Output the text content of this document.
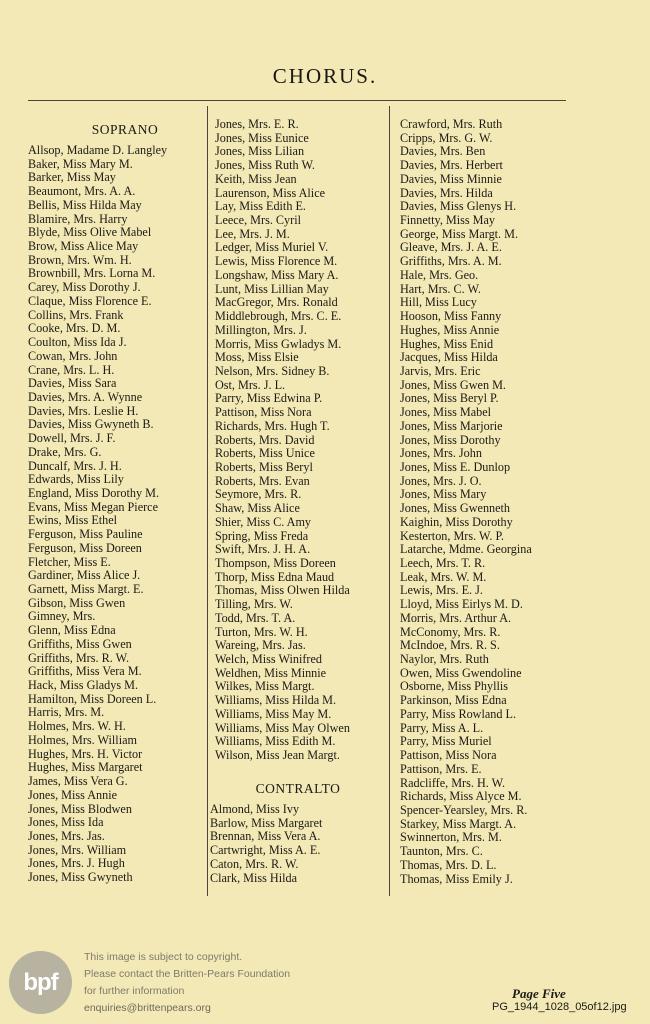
CHORUS.
SOPRANO
Allsop, Madame D. Langley
Baker, Miss Mary M.
Barker, Miss May
Beaumont, Mrs. A. A.
Bellis, Miss Hilda May
Blamire, Mrs. Harry
Blyde, Miss Olive Mabel
Brow, Miss Alice May
Brown, Mrs. Wm. H.
Brownbill, Mrs. Lorna M.
Carey, Miss Dorothy J.
Claque, Miss Florence E.
Collins, Mrs. Frank
Cooke, Mrs. D. M.
Coulton, Miss Ida J.
Cowan, Mrs. John
Crane, Mrs. L. H.
Davies, Miss Sara
Davies, Mrs. A. Wynne
Davies, Mrs. Leslie H.
Davies, Miss Gwyneth B.
Dowell, Mrs. J. F.
Drake, Mrs. G.
Duncalf, Mrs. J. H.
Edwards, Miss Lily
England, Miss Dorothy M.
Evans, Miss Megan Pierce
Ewins, Miss Ethel
Ferguson, Miss Pauline
Ferguson, Miss Doreen
Fletcher, Miss E.
Gardiner, Miss Alice J.
Garnett, Miss Margt. E.
Gibson, Miss Gwen
Gimney, Mrs.
Glenn, Miss Edna
Griffiths, Miss Gwen
Griffiths, Mrs. R. W.
Griffiths, Miss Vera M.
Hack, Miss Gladys M.
Hamilton, Miss Doreen L.
Harris, Mrs. M.
Holmes, Mrs. W. H.
Holmes, Mrs. William
Hughes, Mrs. H. Victor
Hughes, Miss Margaret
James, Miss Vera G.
Jones, Miss Annie
Jones, Miss Blodwen
Jones, Miss Ida
Jones, Mrs. Jas.
Jones, Mrs. William
Jones, Mrs. J. Hugh
Jones, Miss Gwyneth
Jones, Mrs. E. R.
Jones, Miss Eunice
Jones, Miss Lilian
Jones, Miss Ruth W.
Keith, Miss Jean
Laurenson, Miss Alice
Lay, Miss Edith E.
Leece, Mrs. Cyril
Lee, Mrs. J. M.
Ledger, Miss Muriel V.
Lewis, Miss Florence M.
Longshaw, Miss Mary A.
Lunt, Miss Lillian May
MacGregor, Mrs. Ronald
Middlebrough, Mrs. C. E.
Millington, Mrs. J.
Morris, Miss Gwladys M.
Moss, Miss Elsie
Nelson, Mrs. Sidney B.
Ost, Mrs. J. L.
Parry, Miss Edwina P.
Pattison, Miss Nora
Richards, Mrs. Hugh T.
Roberts, Mrs. David
Roberts, Miss Unice
Roberts, Miss Beryl
Roberts, Mrs. Evan
Seymore, Mrs. R.
Shaw, Miss Alice
Shier, Miss C. Amy
Spring, Miss Freda
Swift, Mrs. J. H. A.
Thompson, Miss Doreen
Thorp, Miss Edna Maud
Thomas, Miss Olwen Hilda
Tilling, Mrs. W.
Todd, Mrs. T. A.
Turton, Mrs. W. H.
Wareing, Mrs. Jas.
Welch, Miss Winifred
Weldhen, Miss Minnie
Wilkes, Miss Margt.
Williams, Miss Hilda M.
Williams, Miss May M.
Williams, Miss May Olwen
Williams, Miss Edith M.
Wilson, Miss Jean Margt.
CONTRALTO
Almond, Miss Ivy
Barlow, Miss Margaret
Brennan, Miss Vera A.
Cartwright, Miss A. E.
Caton, Mrs. R. W.
Clark, Miss Hilda
Crawford, Mrs. Ruth
Cripps, Mrs. G. W.
Davies, Mrs. Ben
Davies, Mrs. Herbert
Davies, Miss Minnie
Davies, Mrs. Hilda
Davies, Miss Glenys H.
Finnetty, Miss May
George, Miss Margt. M.
Gleave, Mrs. J. A. E.
Griffiths, Mrs. A. M.
Hale, Mrs. Geo.
Hart, Mrs. C. W.
Hill, Miss Lucy
Hooson, Miss Fanny
Hughes, Miss Annie
Hughes, Miss Enid
Jacques, Miss Hilda
Jarvis, Mrs. Eric
Jones, Miss Gwen M.
Jones, Miss Beryl P.
Jones, Miss Mabel
Jones, Miss Marjorie
Jones, Miss Dorothy
Jones, Mrs. John
Jones, Miss E. Dunlop
Jones, Mrs. J. O.
Jones, Miss Mary
Jones, Miss Gwenneth
Kaighin, Miss Dorothy
Kesterton, Mrs. W. P.
Latarche, Mdme. Georgina
Leech, Mrs. T. R.
Leak, Mrs. W. M.
Lewis, Mrs. E. J.
Lloyd, Miss Eirlys M. D.
Morris, Mrs. Arthur A.
McConomy, Mrs. R.
McIndoe, Mrs. R. S.
Naylor, Mrs. Ruth
Owen, Miss Gwendoline
Osborne, Miss Phyllis
Parkinson, Miss Edna
Parry, Miss Rowland L.
Parry, Miss A. L.
Parry, Miss Muriel
Pattison, Miss Nora
Pattison, Mrs. E.
Radcliffe, Mrs. H. W.
Richards, Miss Alyce M.
Spencer-Yearsley, Mrs. R.
Starkey, Miss Margt. A.
Swinnerton, Mrs. M.
Taunton, Mrs. C.
Thomas, Mrs. D. L.
Thomas, Miss Emily J.
bpf
This image is subject to copyright.
Please contact the Britten-Pears Foundation
for further information
enquiries@brittenpears.org
Page Five
PG_1944_1028_05of12.jpg
